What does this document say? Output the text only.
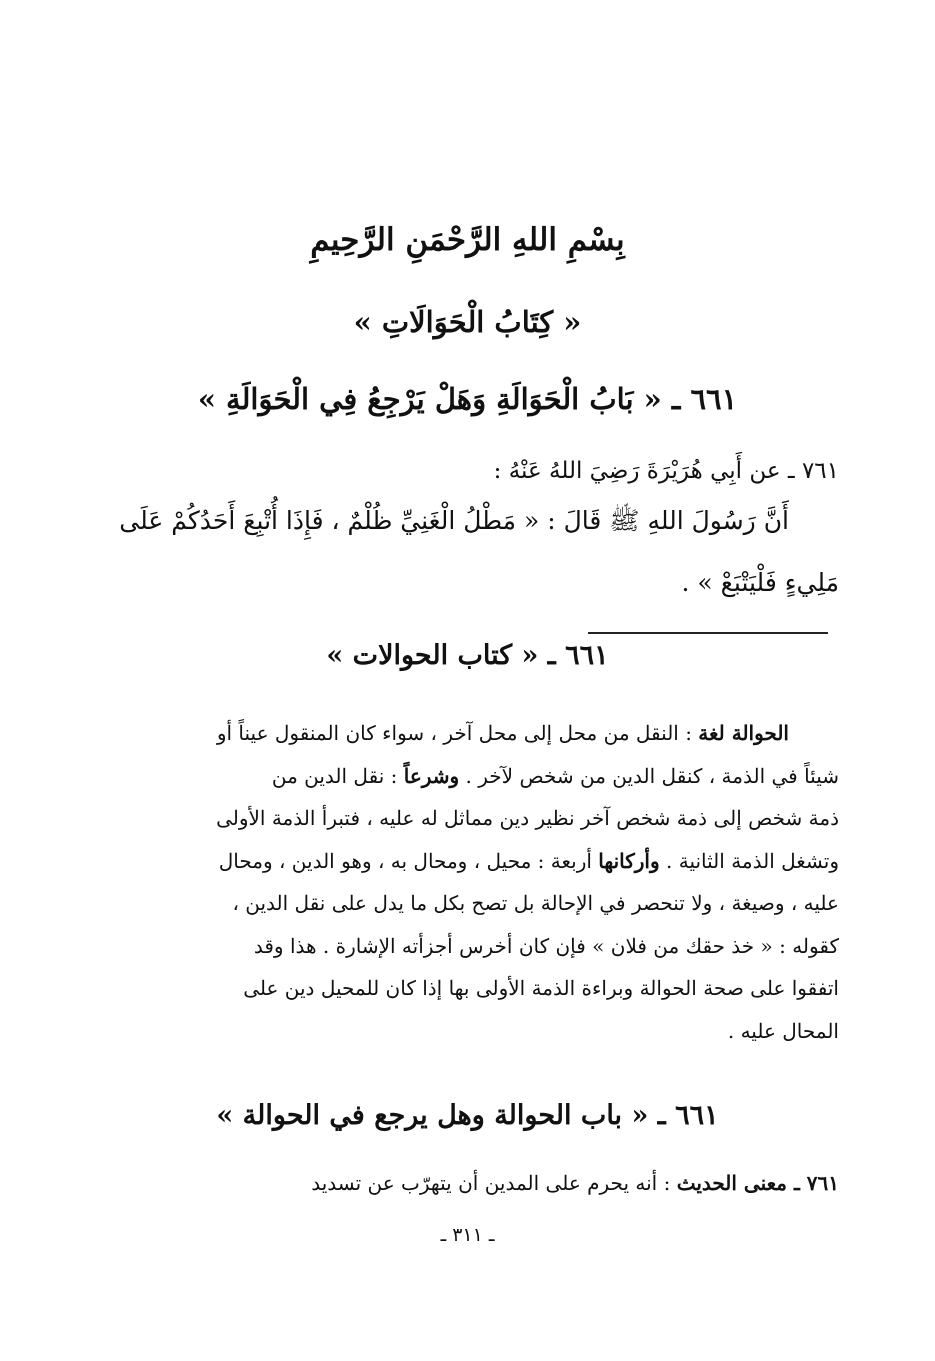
بِسْمِ اللهِ الرَّحْمَنِ الرَّحِيمِ
« كِتَابُ الْحَوَالَاتِ »
٦٦١ ـ « بَابُ الْحَوَالَةِ وَهَلْ يَرْجِعُ فِي الْحَوَالَةِ »
٧٦١ ـ عن أَبِي هُرَيْرَةَ رَضِيَ اللهُ عَنْهُ :
أَنَّ رَسُولَ اللهِ ﷺ قَالَ : « مَطْلُ الْغَنِيِّ ظُلْمٌ ، فَإِذَا أُتْبِعَ أَحَدُكُمْ عَلَى
مَلِيءٍ فَلْيَتْبَعْ » .
٦٦١ ـ « كتاب الحوالات »
الحوالة لغة : النقل من محل إلى محل آخر ، سواء كان المنقول عيناً أو
شيئاً في الذمة ، كنقل الدين من شخص لآخر . وشرعاً : نقل الدين من
ذمة شخص إلى ذمة شخص آخر نظير دين مماثل له عليه ، فتبرأ الذمة الأولى
وتشغل الذمة الثانية . وأركانها أربعة : محيل ، ومحال به ، وهو الدين ، ومحال
عليه ، وصيغة ، ولا تنحصر في الإحالة بل تصح بكل ما يدل على نقل الدين ،
كقوله : « خذ حقك من فلان » فإن كان أخرس أجزأته الإشارة . هذا وقد
اتفقوا على صحة الحوالة وبراءة الذمة الأولى بها إذا كان للمحيل دين على
المحال عليه .
٦٦١ ـ « باب الحوالة وهل يرجع في الحوالة »
٧٦١ ـ معنى الحديث : أنه يحرم على المدين أن يتهرّب عن تسديد
ـ ٣١١ ـ
